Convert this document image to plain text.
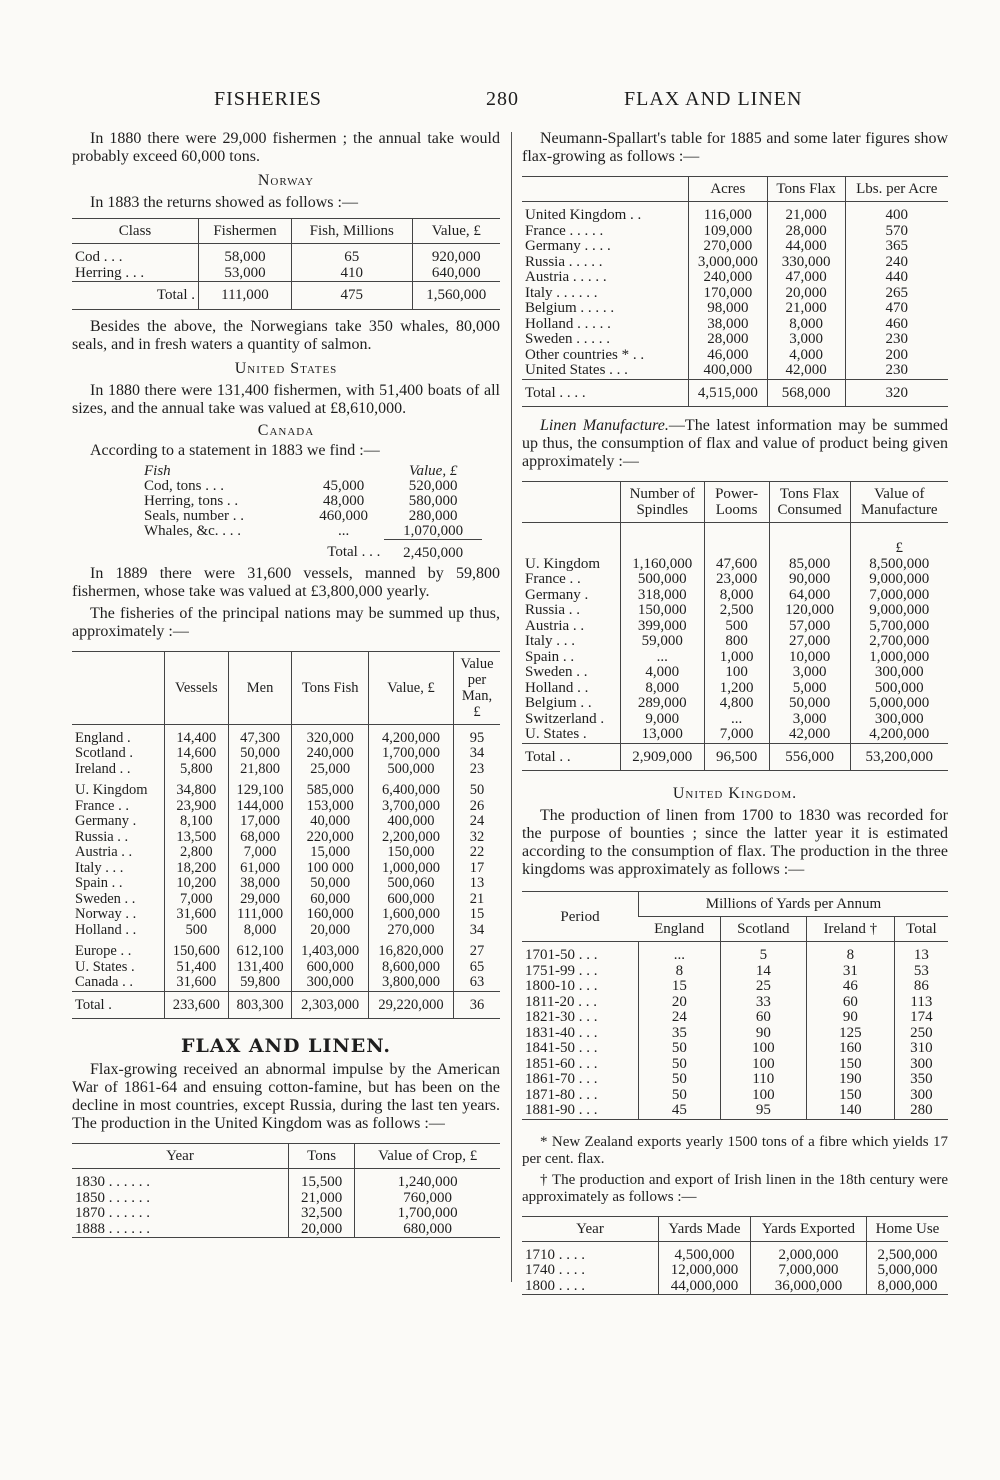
FISHERIES	280	FLAX AND LINEN

In 1880 there were 29,000 fishermen ; the annual take would probably exceed 60,000 tons.

Norway

In 1883 the returns showed as follows :—

Class	Fishermen	Fish, Millions	Value, £
Cod . . .	58,000	65	920,000
Herring . . .	53,000	410	640,000
Total .	111,000	475	1,560,000

Besides the above, the Norwegians take 350 whales, 80,000 seals, and in fresh waters a quantity of salmon.

United States

In 1880 there were 131,400 fishermen, with 51,400 boats of all sizes, and the annual take was valued at £8,610,000.

Canada

According to a statement in 1883 we find :—

Fish		Value, £
Cod, tons . . .	45,000	520,000
Herring, tons . .	48,000	580,000
Seals, number . .	460,000	280,000
Whales, &c. . . .	...	1,070,000
Total . . .		2,450,000

In 1889 there were 31,600 vessels, manned by 59,800 fishermen, whose take was valued at £3,800,000 yearly.

The fisheries of the principal nations may be summed up thus, approximately :—

	Vessels	Men	Tons Fish	Value, £	Value per Man, £
England .	14,400	47,300	320,000	4,200,000	95
Scotland .	14,600	50,000	240,000	1,700,000	34
Ireland . .	5,800	21,800	25,000	500,000	23
U. Kingdom	34,800	129,100	585,000	6,400,000	50
France . .	23,900	144,000	153,000	3,700,000	26
Germany .	8,100	17,000	40,000	400,000	24
Russia . .	13,500	68,000	220,000	2,200,000	32
Austria . .	2,800	7,000	15,000	150,000	22
Italy . . .	18,200	61,000	100 000	1,000,000	17
Spain . .	10,200	38,000	50,000	500,060	13
Sweden . .	7,000	29,000	60,000	600,000	21
Norway . .	31,600	111,000	160,000	1,600,000	15
Holland . .	500	8,000	20,000	270,000	34
Europe . .	150,600	612,100	1,403,000	16,820,000	27
U. States .	51,400	131,400	600,000	8,600,000	65
Canada . .	31,600	59,800	300,000	3,800,000	63
Total .	233,600	803,300	2,303,000	29,220,000	36
FLAX AND LINEN.

Flax-growing received an abnormal impulse by the American War of 1861-64 and ensuing cotton-famine, but has been on the decline in most countries, except Russia, during the last ten years. The production in the United Kingdom was as follows :—

Year	Tons	Value of Crop, £
1830 . . . . . .	15,500	1,240,000
1850 . . . . . .	21,000	760,000
1870 . . . . . .	32,500	1,700,000
1888 . . . . . .	20,000	680,000

Neumann-Spallart's table for 1885 and some later figures show flax-growing as follows :—

	Acres	Tons Flax	Lbs. per Acre
United Kingdom . .	116,000	21,000	400
France . . . . .	109,000	28,000	570
Germany . . . .	270,000	44,000	365
Russia . . . . .	3,000,000	330,000	240
Austria . . . . .	240,000	47,000	440
Italy . . . . . .	170,000	20,000	265
Belgium . . . . .	98,000	21,000	470
Holland . . . . .	38,000	8,000	460
Sweden . . . . .	28,000	3,000	230
Other countries * . .	46,000	4,000	200
United States . . .	400,000	42,000	230
Total . . . .	4,515,000	568,000	320

Linen Manufacture.—The latest information may be summed up thus, the consumption of flax and value of product being given approximately :—

	Number of Spindles	Power-Looms	Tons Flax Consumed	Value of Manufacture
				£
U. Kingdom	1,160,000	47,600	85,000	8,500,000
France . .	500,000	23,000	90,000	9,000,000
Germany .	318,000	8,000	64,000	7,000,000
Russia . .	150,000	2,500	120,000	9,000,000
Austria . .	399,000	500	57,000	5,700,000
Italy . . .	59,000	800	27,000	2,700,000
Spain . .	...	1,000	10,000	1,000,000
Sweden . .	4,000	100	3,000	300,000
Holland . .	8,000	1,200	5,000	500,000
Belgium . .	289,000	4,800	50,000	5,000,000
Switzerland .	9,000	...	3,000	300,000
U. States .	13,000	7,000	42,000	4,200,000
Total . .	2,909,000	96,500	556,000	53,200,000
United Kingdom.

The production of linen from 1700 to 1830 was recorded for the purpose of bounties ; since the latter year it is estimated according to the consumption of flax. The production in the three kingdoms was approximately as follows :—

Period	Millions of Yards per Annum			
	England	Scotland	Ireland †	Total
1701-50 . . .	...	5	8	13
1751-99 . . .	8	14	31	53
1800-10 . . .	15	25	46	86
1811-20 . . .	20	33	60	113
1821-30 . . .	24	60	90	174
1831-40 . . .	35	90	125	250
1841-50 . . .	50	100	160	310
1851-60 . . .	50	100	150	300
1861-70 . . .	50	110	190	350
1871-80 . . .	50	100	150	300
1881-90 . . .	45	95	140	280

* New Zealand exports yearly 1500 tons of a fibre which yields 17 per cent. flax.

† The production and export of Irish linen in the 18th century were approximately as follows :—

Year	Yards Made	Yards Exported	Home Use
1710 . . . .	4,500,000	2,000,000	2,500,000
1740 . . . .	12,000,000	7,000,000	5,000,000
1800 . . . .	44,000,000	36,000,000	8,000,000
